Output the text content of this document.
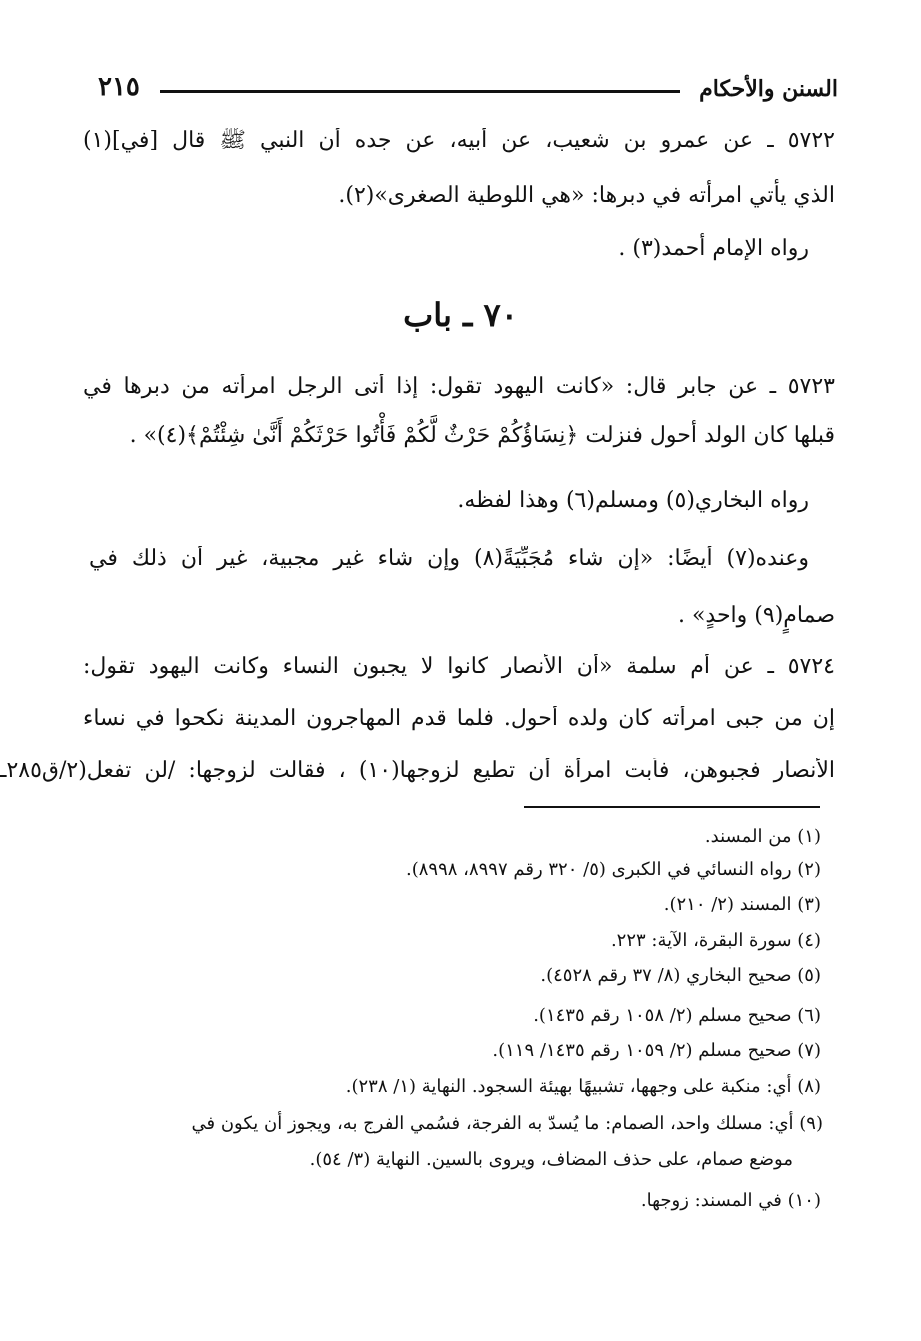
السنن والأحكام
٢١٥
٥٧٢٢ ـ عن عمرو بن شعيب، عن أبيه، عن جده أن النبي ﷺ قال [في](١)
الذي يأتي امرأته في دبرها: «هي اللوطية الصغرى»(٢).
رواه الإمام أحمد(٣) .
٧٠ ـ باب
٥٧٢٣ ـ عن جابر قال: «كانت اليهود تقول: إذا أتى الرجل امرأته من دبرها في
قبلها كان الولد أحول فنزلت ﴿نِسَاؤُكُمْ حَرْثٌ لَّكُمْ فَأْتُوا حَرْثَكُمْ أَنَّىٰ شِئْتُمْ﴾(٤)» .
رواه البخاري(٥) ومسلم(٦) وهذا لفظه.
وعنده(٧) أيضًا: «إن شاء مُجَبِّيَةً(٨) وإن شاء غير مجبية، غير أن ذلك في
صمامٍ(٩) واحدٍ» .
٥٧٢٤ ـ عن أم سلمة «أن الأنصار كانوا لا يجبون النساء وكانت اليهود تقول:
إن من جبى امرأته كان ولده أحول. فلما قدم المهاجرون المدينة نكحوا في نساء
الأنصار فجبوهن، فأبت امرأة أن تطيع لزوجها(١٠) ، فقالت لزوجها: /لن تفعل(٢/ق٢٨٥ـ
(١) من المسند.
(٢) رواه النسائي في الكبرى (٥/ ٣٢٠ رقم ٨٩٩٧، ٨٩٩٨).
(٣) المسند (٢/ ٢١٠).
(٤) سورة البقرة، الآية: ٢٢٣.
(٥) صحيح البخاري (٨/ ٣٧ رقم ٤٥٢٨).
(٦) صحيح مسلم (٢/ ١٠٥٨ رقم ١٤٣٥).
(٧) صحيح مسلم (٢/ ١٠٥٩ رقم ١٤٣٥/ ١١٩).
(٨) أي: منكبة على وجهها، تشبيهًا بهيئة السجود. النهاية (١/ ٢٣٨).
(٩) أي: مسلك واحد، الصمام: ما يُسدّ به الفرجة، فسُمي الفرج به، ويجوز أن يكون في
موضع صمام، على حذف المضاف، ويروى بالسين. النهاية (٣/ ٥٤).
(١٠) في المسند: زوجها.
